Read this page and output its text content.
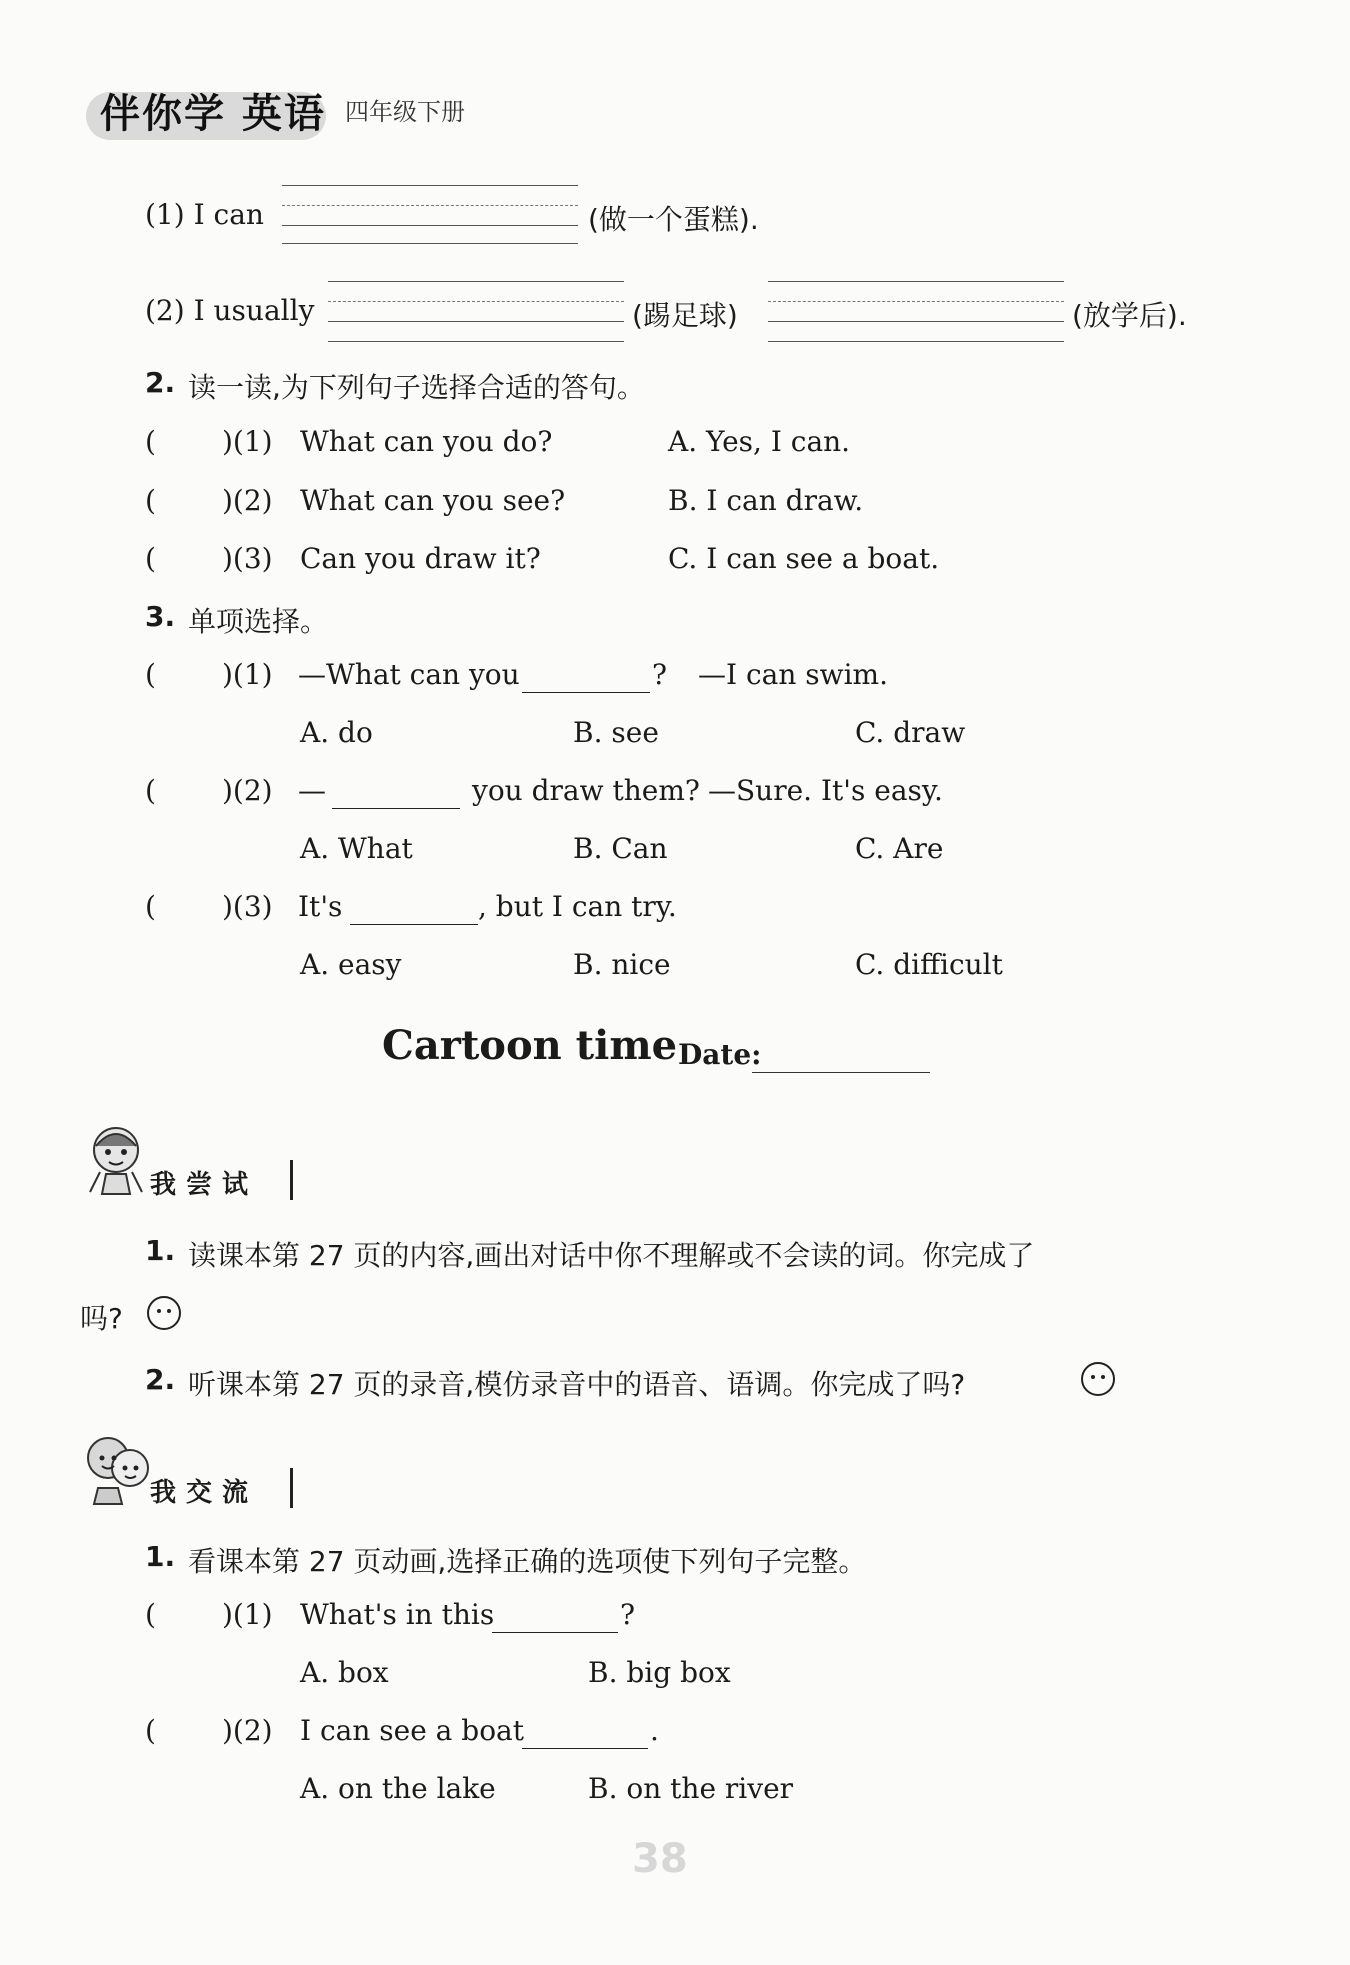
伴你学 英语 四年级下册
(1) I can	(做一个蛋糕).
(2) I usually	(踢足球)	(放学后).
2. 读一读,为下列句子选择合适的答句。
( )(1) What can you do?	A. Yes, I can.
( )(2) What can you see?	B. I can draw.
( )(3) Can you draw it?	C. I can see a boat.
3. 单项选择。
( )(1) —What can you	? —I can swim.
A. do	B. see	C. draw
( )(2) —	you draw them? —Sure. It's easy.
A. What	B. Can	C. Are
( )(3) It's	, but I can try.
A. easy	B. nice	C. difficult
Cartoon time Date:
我尝试
1. 读课本第 27 页的内容,画出对话中你不理解或不会读的词。你完成了
吗?
2. 听课本第 27 页的录音,模仿录音中的语音、语调。你完成了吗?
我交流
1. 看课本第 27 页动画,选择正确的选项使下列句子完整。
( )(1) What's in this	?
A. box	B. big box
( )(2) I can see a boat	.
A. on the lake	B. on the river
38
